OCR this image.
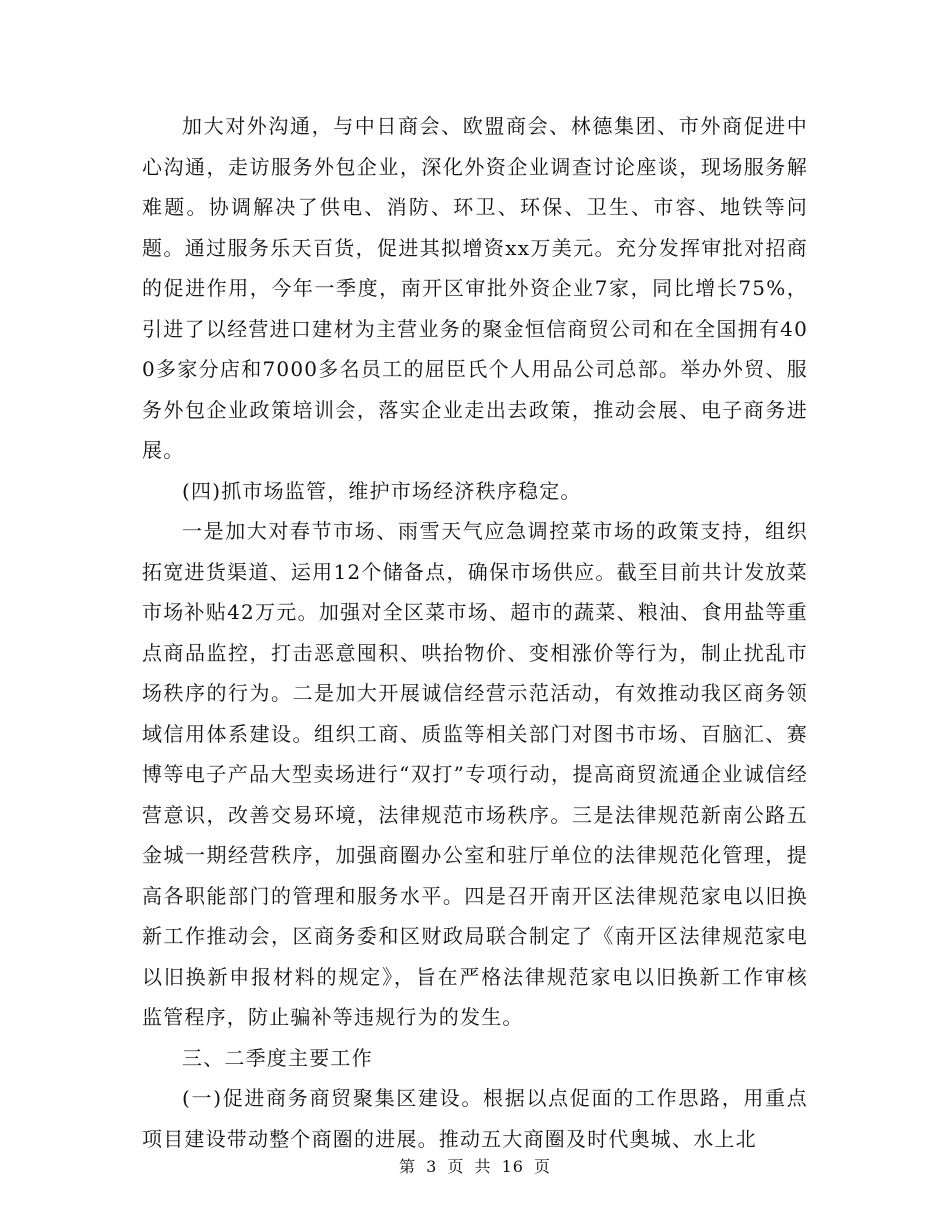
加大对外沟通，与中日商会、欧盟商会、林德集团、市外商促进中心沟通，走访服务外包企业，深化外资企业调查讨论座谈，现场服务解难题。协调解决了供电、消防、环卫、环保、卫生、市容、地铁等问题。通过服务乐天百货，促进其拟增资xx万美元。充分发挥审批对招商的促进作用，今年一季度，南开区审批外资企业7家，同比增长75%，引进了以经营进口建材为主营业务的聚金恒信商贸公司和在全国拥有400多家分店和7000多名员工的屈臣氏个人用品公司总部。举办外贸、服务外包企业政策培训会，落实企业走出去政策，推动会展、电子商务进展。

(四)抓市场监管，维护市场经济秩序稳定。

一是加大对春节市场、雨雪天气应急调控菜市场的政策支持，组织拓宽进货渠道、运用12个储备点，确保市场供应。截至目前共计发放菜市场补贴42万元。加强对全区菜市场、超市的蔬菜、粮油、食用盐等重点商品监控，打击恶意囤积、哄抬物价、变相涨价等行为，制止扰乱市场秩序的行为。二是加大开展诚信经营示范活动，有效推动我区商务领域信用体系建设。组织工商、质监等相关部门对图书市场、百脑汇、赛博等电子产品大型卖场进行“双打”专项行动，提高商贸流通企业诚信经营意识，改善交易环境，法律规范市场秩序。三是法律规范新南公路五金城一期经营秩序，加强商圈办公室和驻厅单位的法律规范化管理，提高各职能部门的管理和服务水平。四是召开南开区法律规范家电以旧换新工作推动会，区商务委和区财政局联合制定了《南开区法律规范家电以旧换新申报材料的规定》，旨在严格法律规范家电以旧换新工作审核监管程序，防止骗补等违规行为的发生。

三、二季度主要工作

(一)促进商务商贸聚集区建设。根据以点促面的工作思路，用重点项目建设带动整个商圈的进展。推动五大商圈及时代奥城、水上北

第 3 页 共 16 页
